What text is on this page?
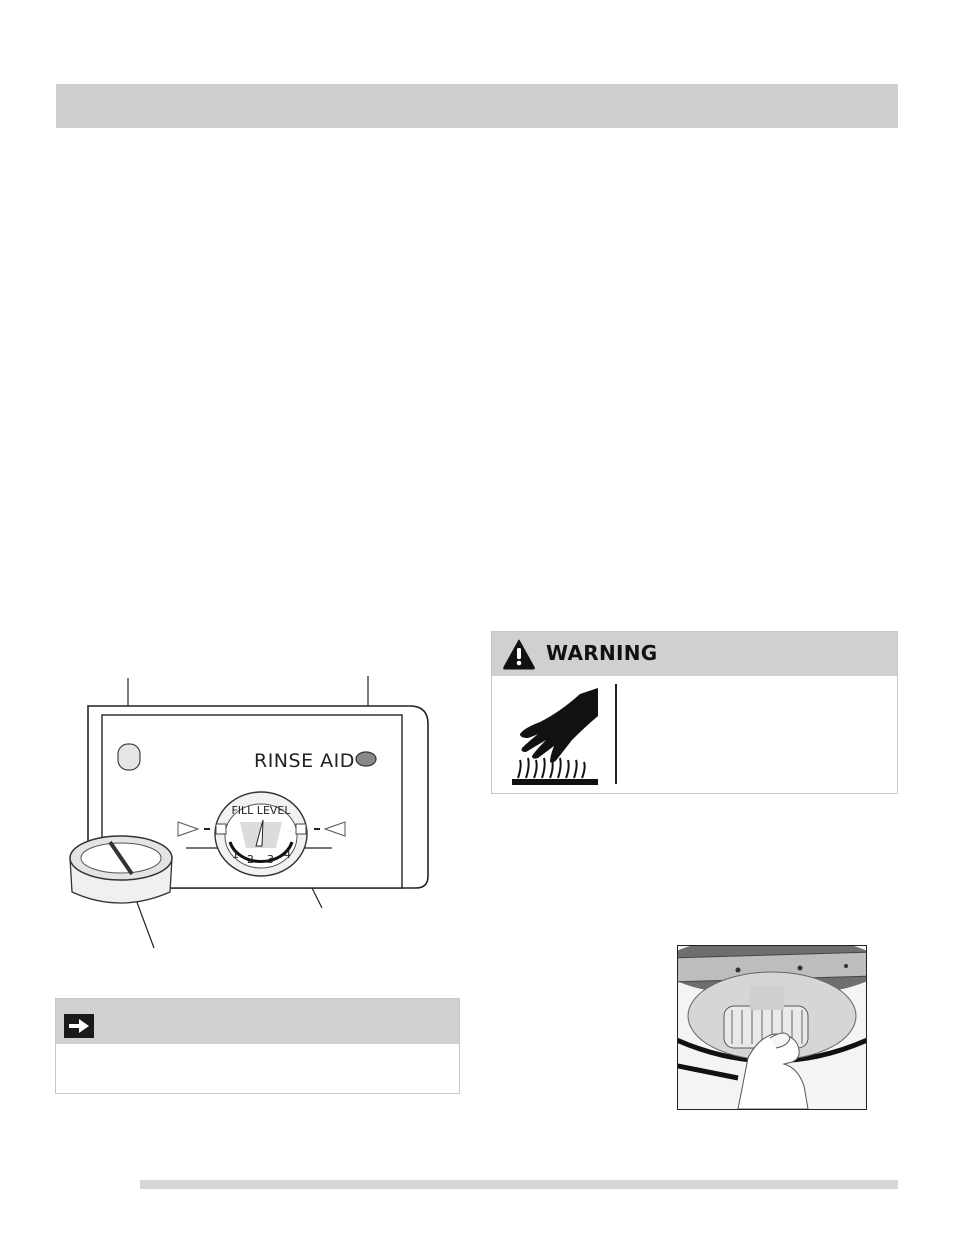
FILL LEVEL
1 2 3 4
RINSE AID
WARNING
